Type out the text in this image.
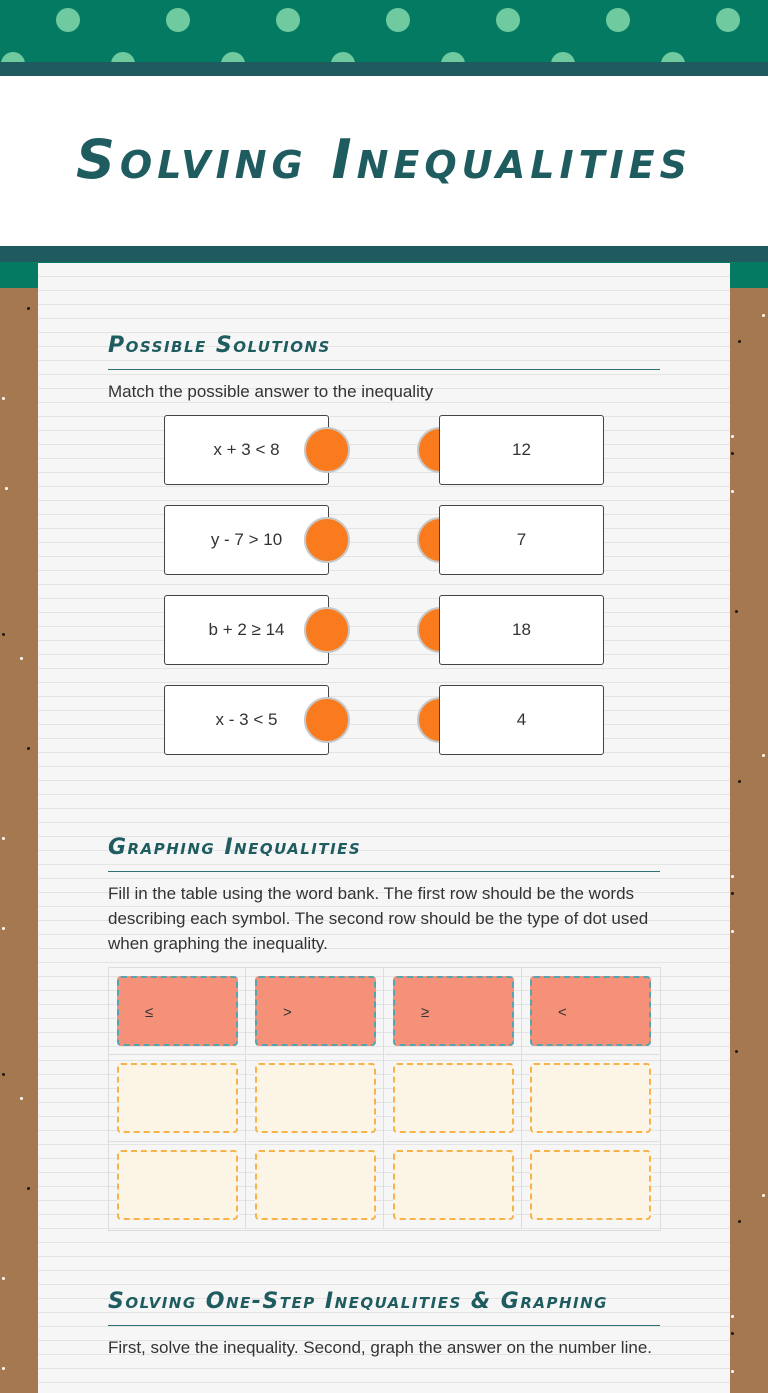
Solving Inequalities
Possible Solutions
Match the possible answer to the inequality
x + 3 < 8	12
y - 7 > 10	7
b + 2 ≥ 14	18
x - 3 < 5	4
Graphing Inequalities
Fill in the table using the word bank. The first row should be the words describing each symbol. The second row should be the type of dot used when graphing the inequality.
≤	>	≥	<
Solving One-Step Inequalities & Graphing
First, solve the inequality. Second, graph the answer on the number line.
